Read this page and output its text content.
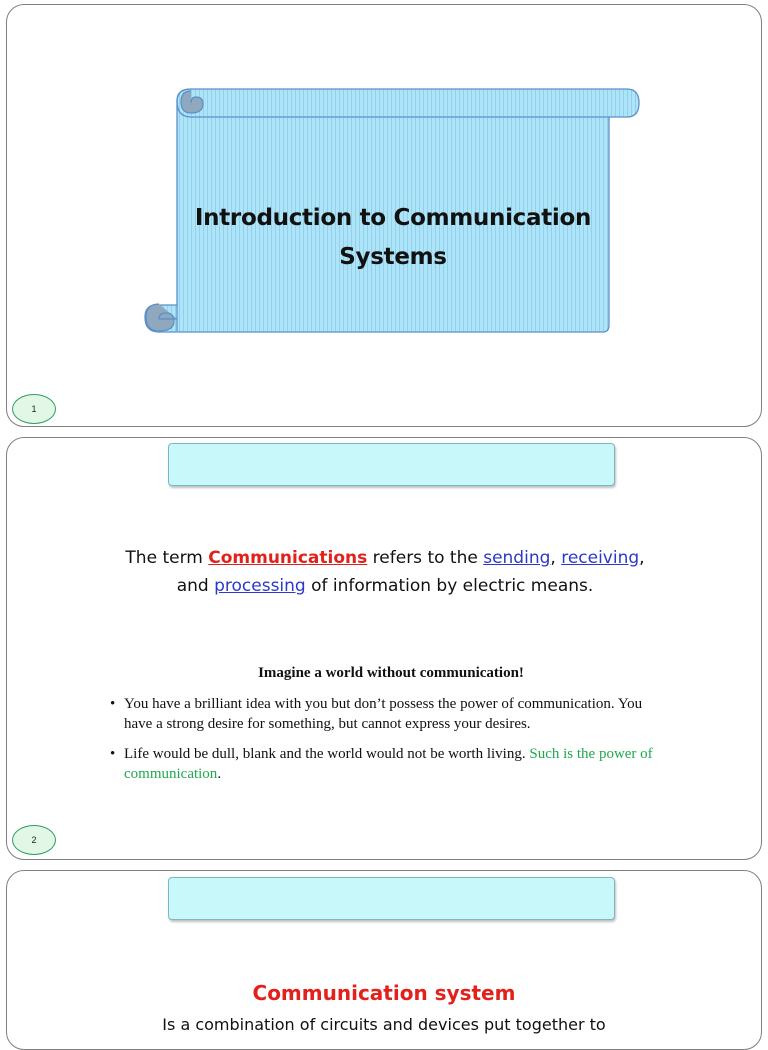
Introduction to Communication
Systems
1
The term Communications refers to the sending, receiving,
and processing of information by electric means.
Imagine a world without communication!
• You have a brilliant idea with you but don’t possess the power of communication. You have a strong desire for something, but cannot express your desires.
• Life would be dull, blank and the world would not be worth living. Such is the power of communication.
2
Communication system
Is a combination of circuits and devices put together to
